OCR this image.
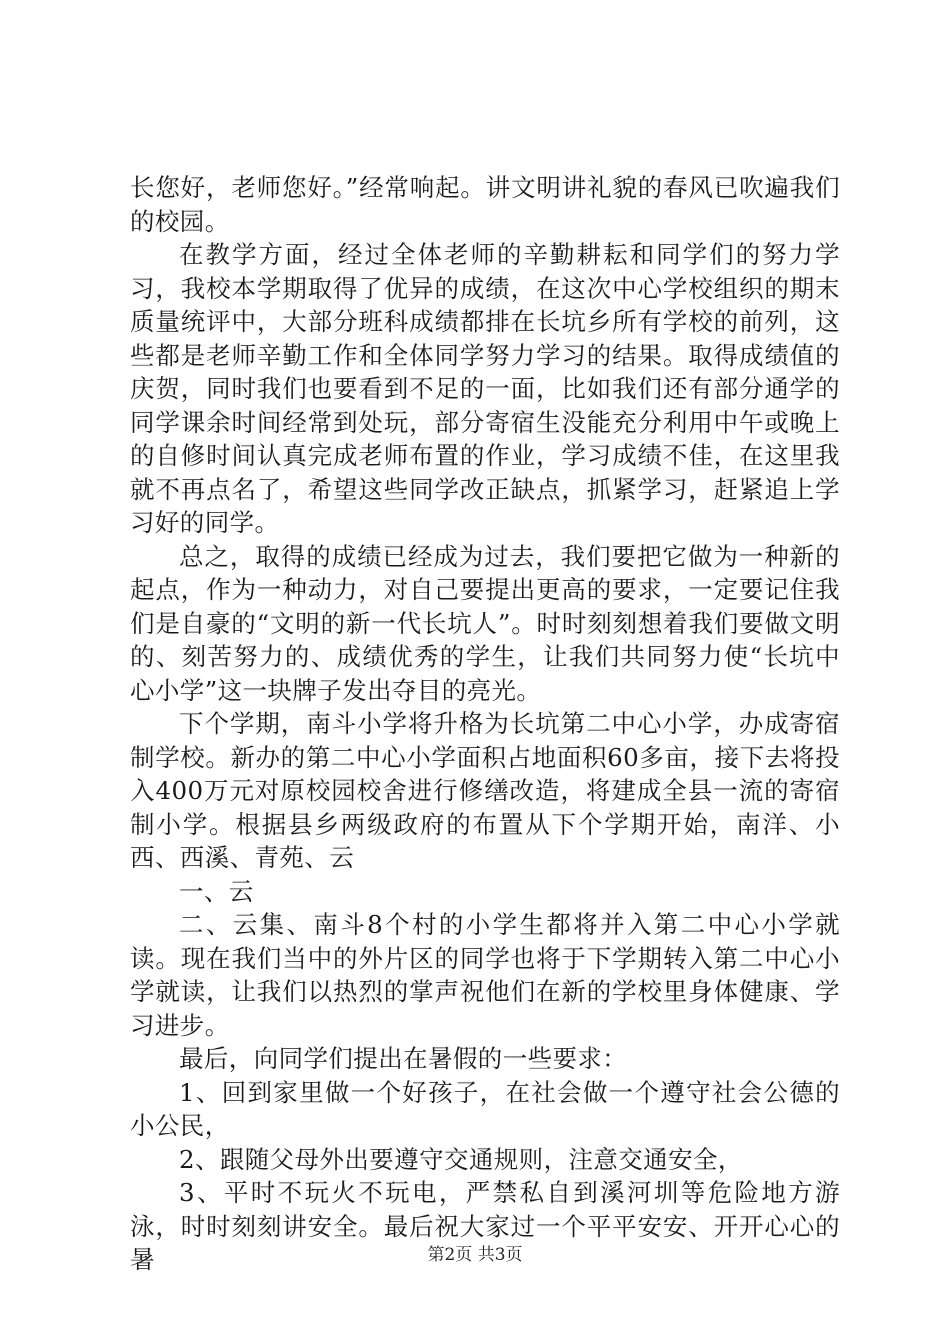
长您好，老师您好。”经常响起。讲文明讲礼貌的春风已吹遍我们的校园。

在教学方面，经过全体老师的辛勤耕耘和同学们的努力学习，我校本学期取得了优异的成绩，在这次中心学校组织的期末质量统评中，大部分班科成绩都排在长坑乡所有学校的前列，这些都是老师辛勤工作和全体同学努力学习的结果。取得成绩值的庆贺，同时我们也要看到不足的一面，比如我们还有部分通学的同学课余时间经常到处玩，部分寄宿生没能充分利用中午或晚上的自修时间认真完成老师布置的作业，学习成绩不佳，在这里我就不再点名了，希望这些同学改正缺点，抓紧学习，赶紧追上学习好的同学。

总之，取得的成绩已经成为过去，我们要把它做为一种新的起点，作为一种动力，对自己要提出更高的要求，一定要记住我们是自豪的“文明的新一代长坑人”。时时刻刻想着我们要做文明的、刻苦努力的、成绩优秀的学生，让我们共同努力使“长坑中心小学”这一块牌子发出夺目的亮光。

下个学期，南斗小学将升格为长坑第二中心小学，办成寄宿制学校。新办的第二中心小学面积占地面积60多亩，接下去将投入400万元对原校园校舍进行修缮改造，将建成全县一流的寄宿制小学。根据县乡两级政府的布置从下个学期开始，南洋、小西、西溪、青苑、云

一、云

二、云集、南斗8个村的小学生都将并入第二中心小学就读。现在我们当中的外片区的同学也将于下学期转入第二中心小学就读，让我们以热烈的掌声祝他们在新的学校里身体健康、学习进步。

最后，向同学们提出在暑假的一些要求：

1、回到家里做一个好孩子，在社会做一个遵守社会公德的小公民，

2、跟随父母外出要遵守交通规则，注意交通安全，

3、平时不玩火不玩电，严禁私自到溪河圳等危险地方游泳，时时刻刻讲安全。最后祝大家过一个平平安安、开开心心的暑	第2页 共3页
